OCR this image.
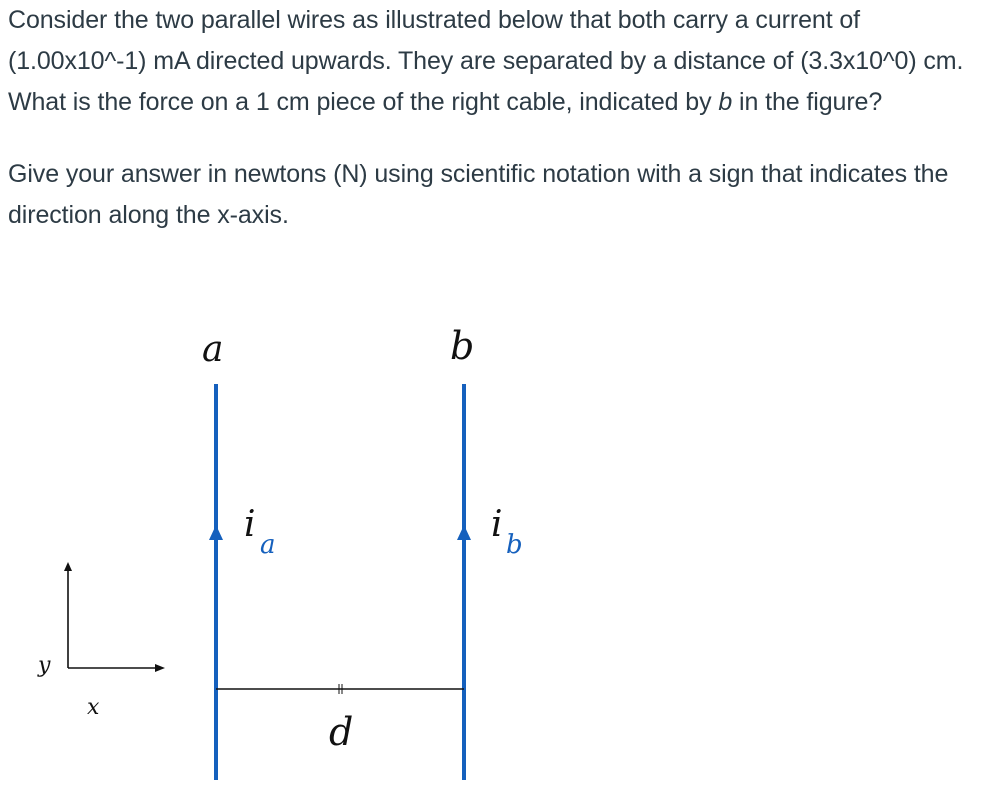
Consider the two parallel wires as illustrated below that both carry a current of (1.00x10^-1) mA directed upwards. They are separated by a distance of (3.3x10^0) cm. What is the force on a 1 cm piece of the right cable, indicated by b in the figure?

Give your answer in newtons (N) using scientific notation with a sign that indicates the direction along the x-axis.

a	b
i a	i b
d
y
x
